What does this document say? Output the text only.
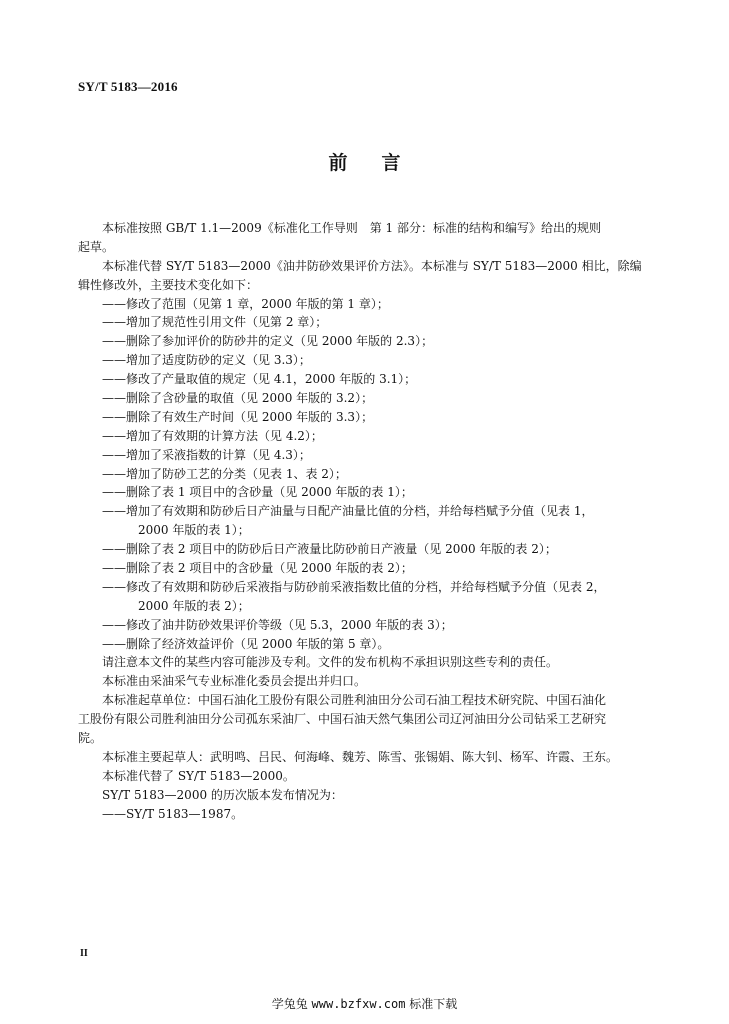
SY/T 5183—2016
前言
本标准按照 GB/T 1.1—2009《标准化工作导则　第 1 部分：标准的结构和编写》给出的规则
起草。
本标准代替 SY/T 5183—2000《油井防砂效果评价方法》。本标准与 SY/T 5183—2000 相比，除编
辑性修改外，主要技术变化如下：
——修改了范围（见第 1 章，2000 年版的第 1 章）；
——增加了规范性引用文件（见第 2 章）；
——删除了参加评价的防砂井的定义（见 2000 年版的 2.3）；
——增加了适度防砂的定义（见 3.3）；
——修改了产量取值的规定（见 4.1，2000 年版的 3.1）；
——删除了含砂量的取值（见 2000 年版的 3.2）；
——删除了有效生产时间（见 2000 年版的 3.3）；
——增加了有效期的计算方法（见 4.2）；
——增加了采液指数的计算（见 4.3）；
——增加了防砂工艺的分类（见表 1、表 2）；
——删除了表 1 项目中的含砂量（见 2000 年版的表 1）；
——增加了有效期和防砂后日产油量与日配产油量比值的分档，并给每档赋予分值（见表 1，
2000 年版的表 1）；
——删除了表 2 项目中的防砂后日产液量比防砂前日产液量（见 2000 年版的表 2）；
——删除了表 2 项目中的含砂量（见 2000 年版的表 2）；
——修改了有效期和防砂后采液指与防砂前采液指数比值的分档，并给每档赋予分值（见表 2，
2000 年版的表 2）；
——修改了油井防砂效果评价等级（见 5.3，2000 年版的表 3）；
——删除了经济效益评价（见 2000 年版的第 5 章）。
请注意本文件的某些内容可能涉及专利。文件的发布机构不承担识别这些专利的责任。
本标准由采油采气专业标准化委员会提出并归口。
本标准起草单位：中国石油化工股份有限公司胜利油田分公司石油工程技术研究院、中国石油化
工股份有限公司胜利油田分公司孤东采油厂、中国石油天然气集团公司辽河油田分公司钻采工艺研究
院。
本标准主要起草人：武明鸣、吕民、何海峰、魏芳、陈雪、张锡娟、陈大钊、杨军、许霞、王东。
本标准代替了 SY/T 5183—2000。
SY/T 5183—2000 的历次版本发布情况为：
——SY/T 5183—1987。
II
学兔兔 www.bzfxw.com 标准下载
